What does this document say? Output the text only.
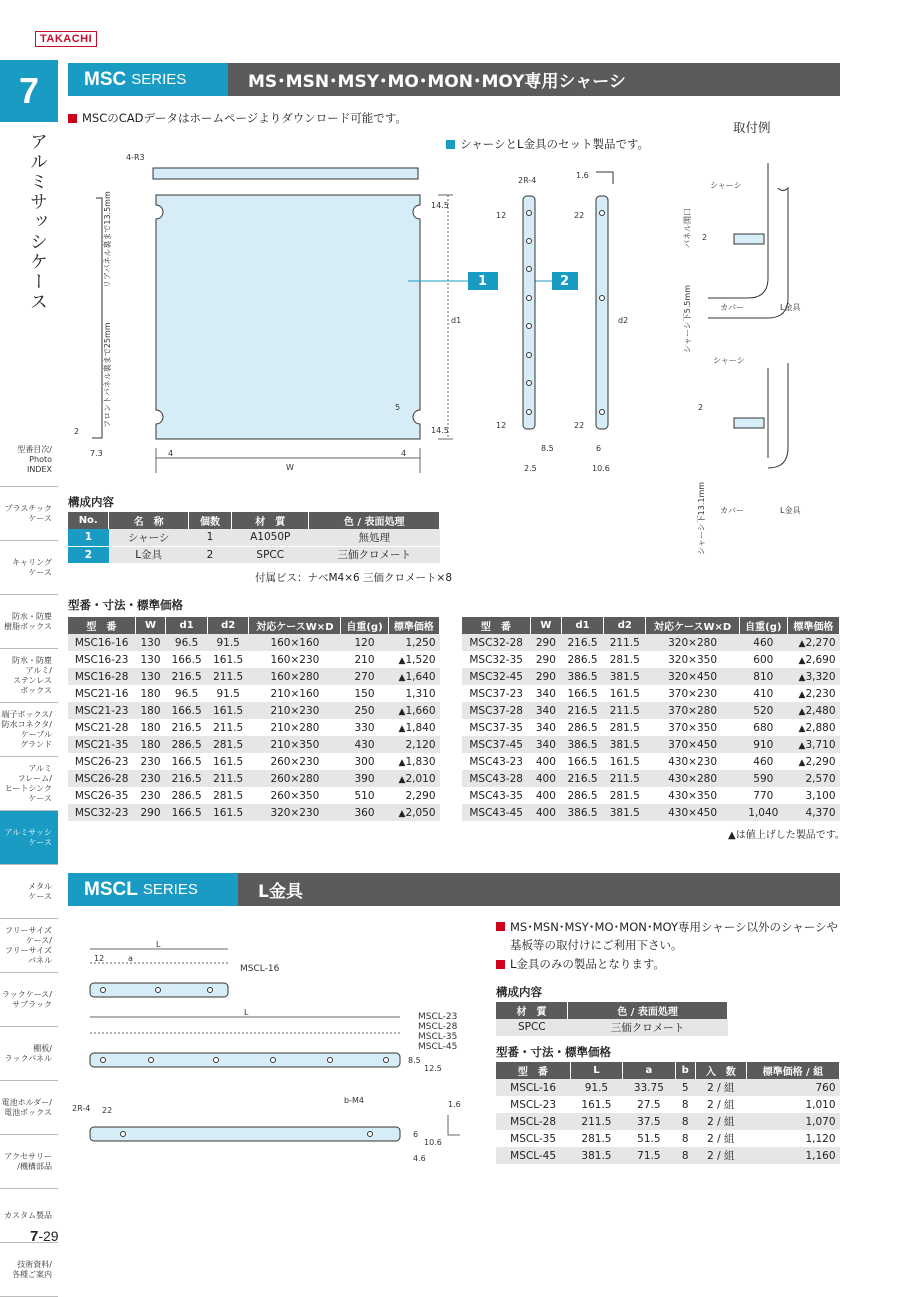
TAKACHI
7
アルミサッシケース
型番目次/
Photo
INDEX
プラスチック
ケース
キャリング
ケース
防水・防塵
樹脂ボックス
防水・防塵
アルミ/
ステンレス
ボックス
端子ボックス/
防水コネクタ/
ケーブル
グランド
アルミ
フレーム/
ヒートシンク
ケース
アルミサッシ
ケース
メタル
ケース
フリーサイズ
ケース/
フリーサイズ
パネル
ラックケース/
サブラック
棚板/
ラックパネル
電池ホルダー/
電池ボックス
アクセサリー
/機構部品
カスタム製品
技術資料/
各種ご案内
7-29
MSC SERIES	MS･MSN･MSY･MO･MON･MOY専用シャーシ
MSCのCADデータはホームページよりダウンロード可能です。
シャーシとL金具のセット製品です。
取付例
4-R3
リアパネル裏まで13.5mm
フロントパネル裏まで25mm
14.5
14.5
d1
5
2
7.3	4	4
W
2R-4
12
12
8.5
2.5
1.6
22
22
d2
6
10.6
シャーシ
パネル開口 2
カバー	L金具
シャーシ下5.5mm
シャーシ
2
カバー	L金具
1	2
シャーシ下13.1mm
構成内容
No.	名　称	個数	材　質	色 / 表面処理
1	シャーシ	1	A1050P	無処理
2	L金具	2	SPCC	三価クロメート
付属ビス：ナベM4×6 三価クロメート×8
型番・寸法・標準価格
型　番	W	d1	d2	対応ケースW×D	自重(g)	標準価格
MSC16-16	130	96.5	91.5	160×160	120	1,250
MSC16-23	130	166.5	161.5	160×230	210	▲ 1,520
MSC16-28	130	216.5	211.5	160×280	270	▲ 1,640
MSC21-16	180	96.5	91.5	210×160	150	1,310
MSC21-23	180	166.5	161.5	210×230	250	▲ 1,660
MSC21-28	180	216.5	211.5	210×280	330	▲ 1,840
MSC21-35	180	286.5	281.5	210×350	430	2,120
MSC26-23	230	166.5	161.5	260×230	300	▲ 1,830
MSC26-28	230	216.5	211.5	260×280	390	▲ 2,010
MSC26-35	230	286.5	281.5	260×350	510	2,290
MSC32-23	290	166.5	161.5	320×230	360	▲ 2,050
型　番	W	d1	d2	対応ケースW×D	自重(g)	標準価格
MSC32-28	290	216.5	211.5	320×280	460	▲ 2,270
MSC32-35	290	286.5	281.5	320×350	600	▲ 2,690
MSC32-45	290	386.5	381.5	320×450	810	▲ 3,320
MSC37-23	340	166.5	161.5	370×230	410	▲ 2,230
MSC37-28	340	216.5	211.5	370×280	520	▲ 2,480
MSC37-35	340	286.5	281.5	370×350	680	▲ 2,880
MSC37-45	340	386.5	381.5	370×450	910	▲ 3,710
MSC43-23	400	166.5	161.5	430×230	460	▲ 2,290
MSC43-28	400	216.5	211.5	430×280	590	2,570
MSC43-35	400	286.5	281.5	430×350	770	3,100
MSC43-45	400	386.5	381.5	430×450	1,040	4,370
▲は値上げした製品です。
MSCL SERIES	L金具
MS･MSN･MSY･MO･MON･MOY専用シャーシ以外のシャーシや基板等の取付けにご利用下さい。
L金具のみの製品となります。
L
12	a
MSCL-16
L	MSCL-23
MSCL-28
MSCL-35
MSCL-45
8.5
12.5
22
b-M4	1.6
6
10.6
4.6
2R-4
構成内容
材　質	色 / 表面処理
SPCC	三価クロメート
型番・寸法・標準価格
型　番	L	a	b	入　数	標準価格 / 組
MSCL-16	91.5	33.75	5	2 / 組	760
MSCL-23	161.5	27.5	8	2 / 組	1,010
MSCL-28	211.5	37.5	8	2 / 組	1,070
MSCL-35	281.5	51.5	8	2 / 組	1,120
MSCL-45	381.5	71.5	8	2 / 組	1,160
